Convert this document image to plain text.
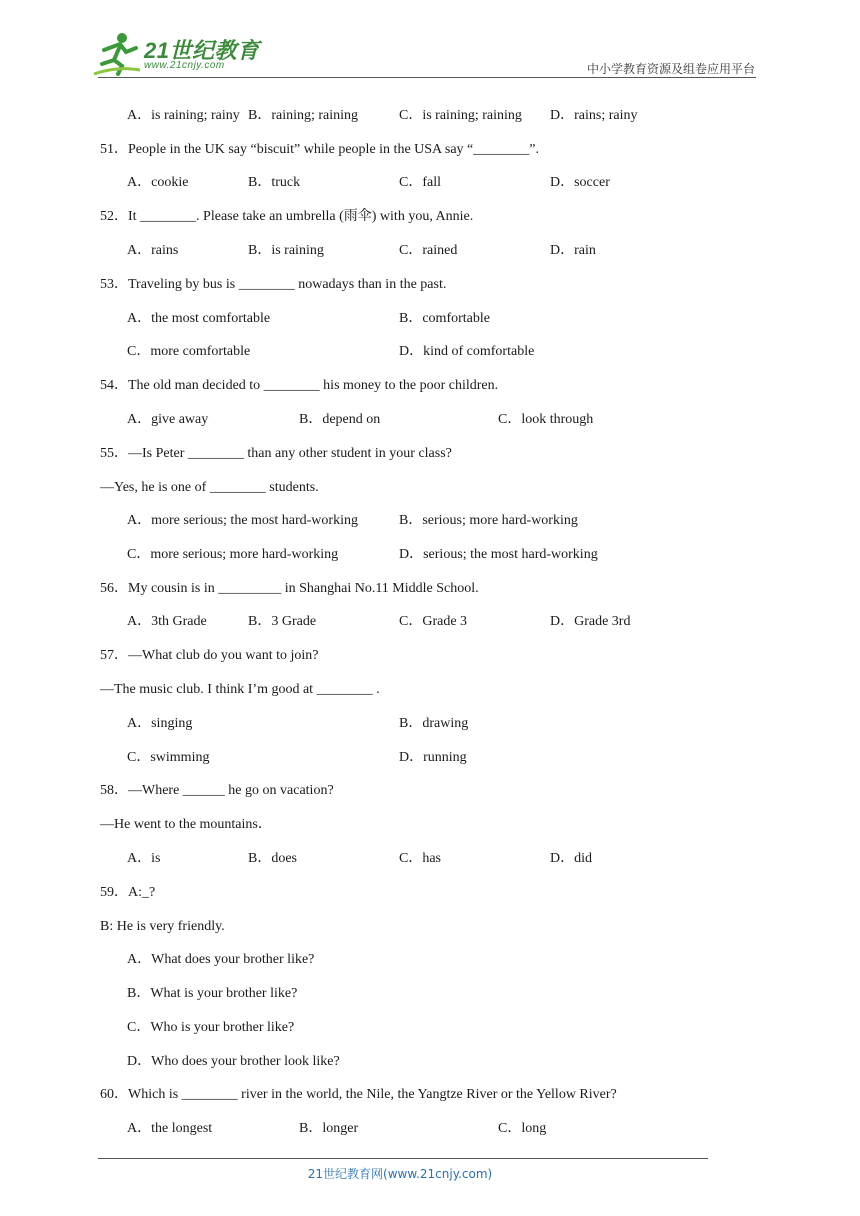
21世纪教育
www.21cnjy.com	中小学教育资源及组卷应用平台
A．is raining; rainy B．raining; raining	C．is raining; raining D．rains; rainy
51．People in the UK say “biscuit” while people in the USA say “________”.
A．cookie	B．truck	C．fall	D．soccer
52．It ________. Please take an umbrella (雨伞) with you, Annie.
A．rains	B．is raining	C．rained	D．rain
53．Traveling by bus is ________ nowadays than in the past.
A．the most comfortable	B．comfortable
C．more comfortable	D．kind of comfortable
54．The old man decided to ________ his money to the poor children.
A．give away	B．depend on	C．look through
55．—Is Peter ________ than any other student in your class?
—Yes, he is one of ________ students.
A．more serious; the most hard-working	B．serious; more hard-working
C．more serious; more hard-working	D．serious; the most hard-working
56．My cousin is in _________ in Shanghai No.11 Middle School.
A．3th Grade	B．3 Grade	C．Grade 3	D．Grade 3rd
57．—What club do you want to join?
—The music club. I think I’m good at ________ .
A．singing	B．drawing
C．swimming	D．running
58．—Where ______ he go on vacation?
—He went to the mountains．
A．is	B．does	C．has	D．did
59．A:_?
B: He is very friendly.
A．What does your brother like?
B．What is your brother like?
C．Who is your brother like?
D．Who does your brother look like?
60．Which is ________ river in the world, the Nile, the Yangtze River or the Yellow River?
A．the longest	B．longer	C．long
21世纪教育网(www.21cnjy.com)
